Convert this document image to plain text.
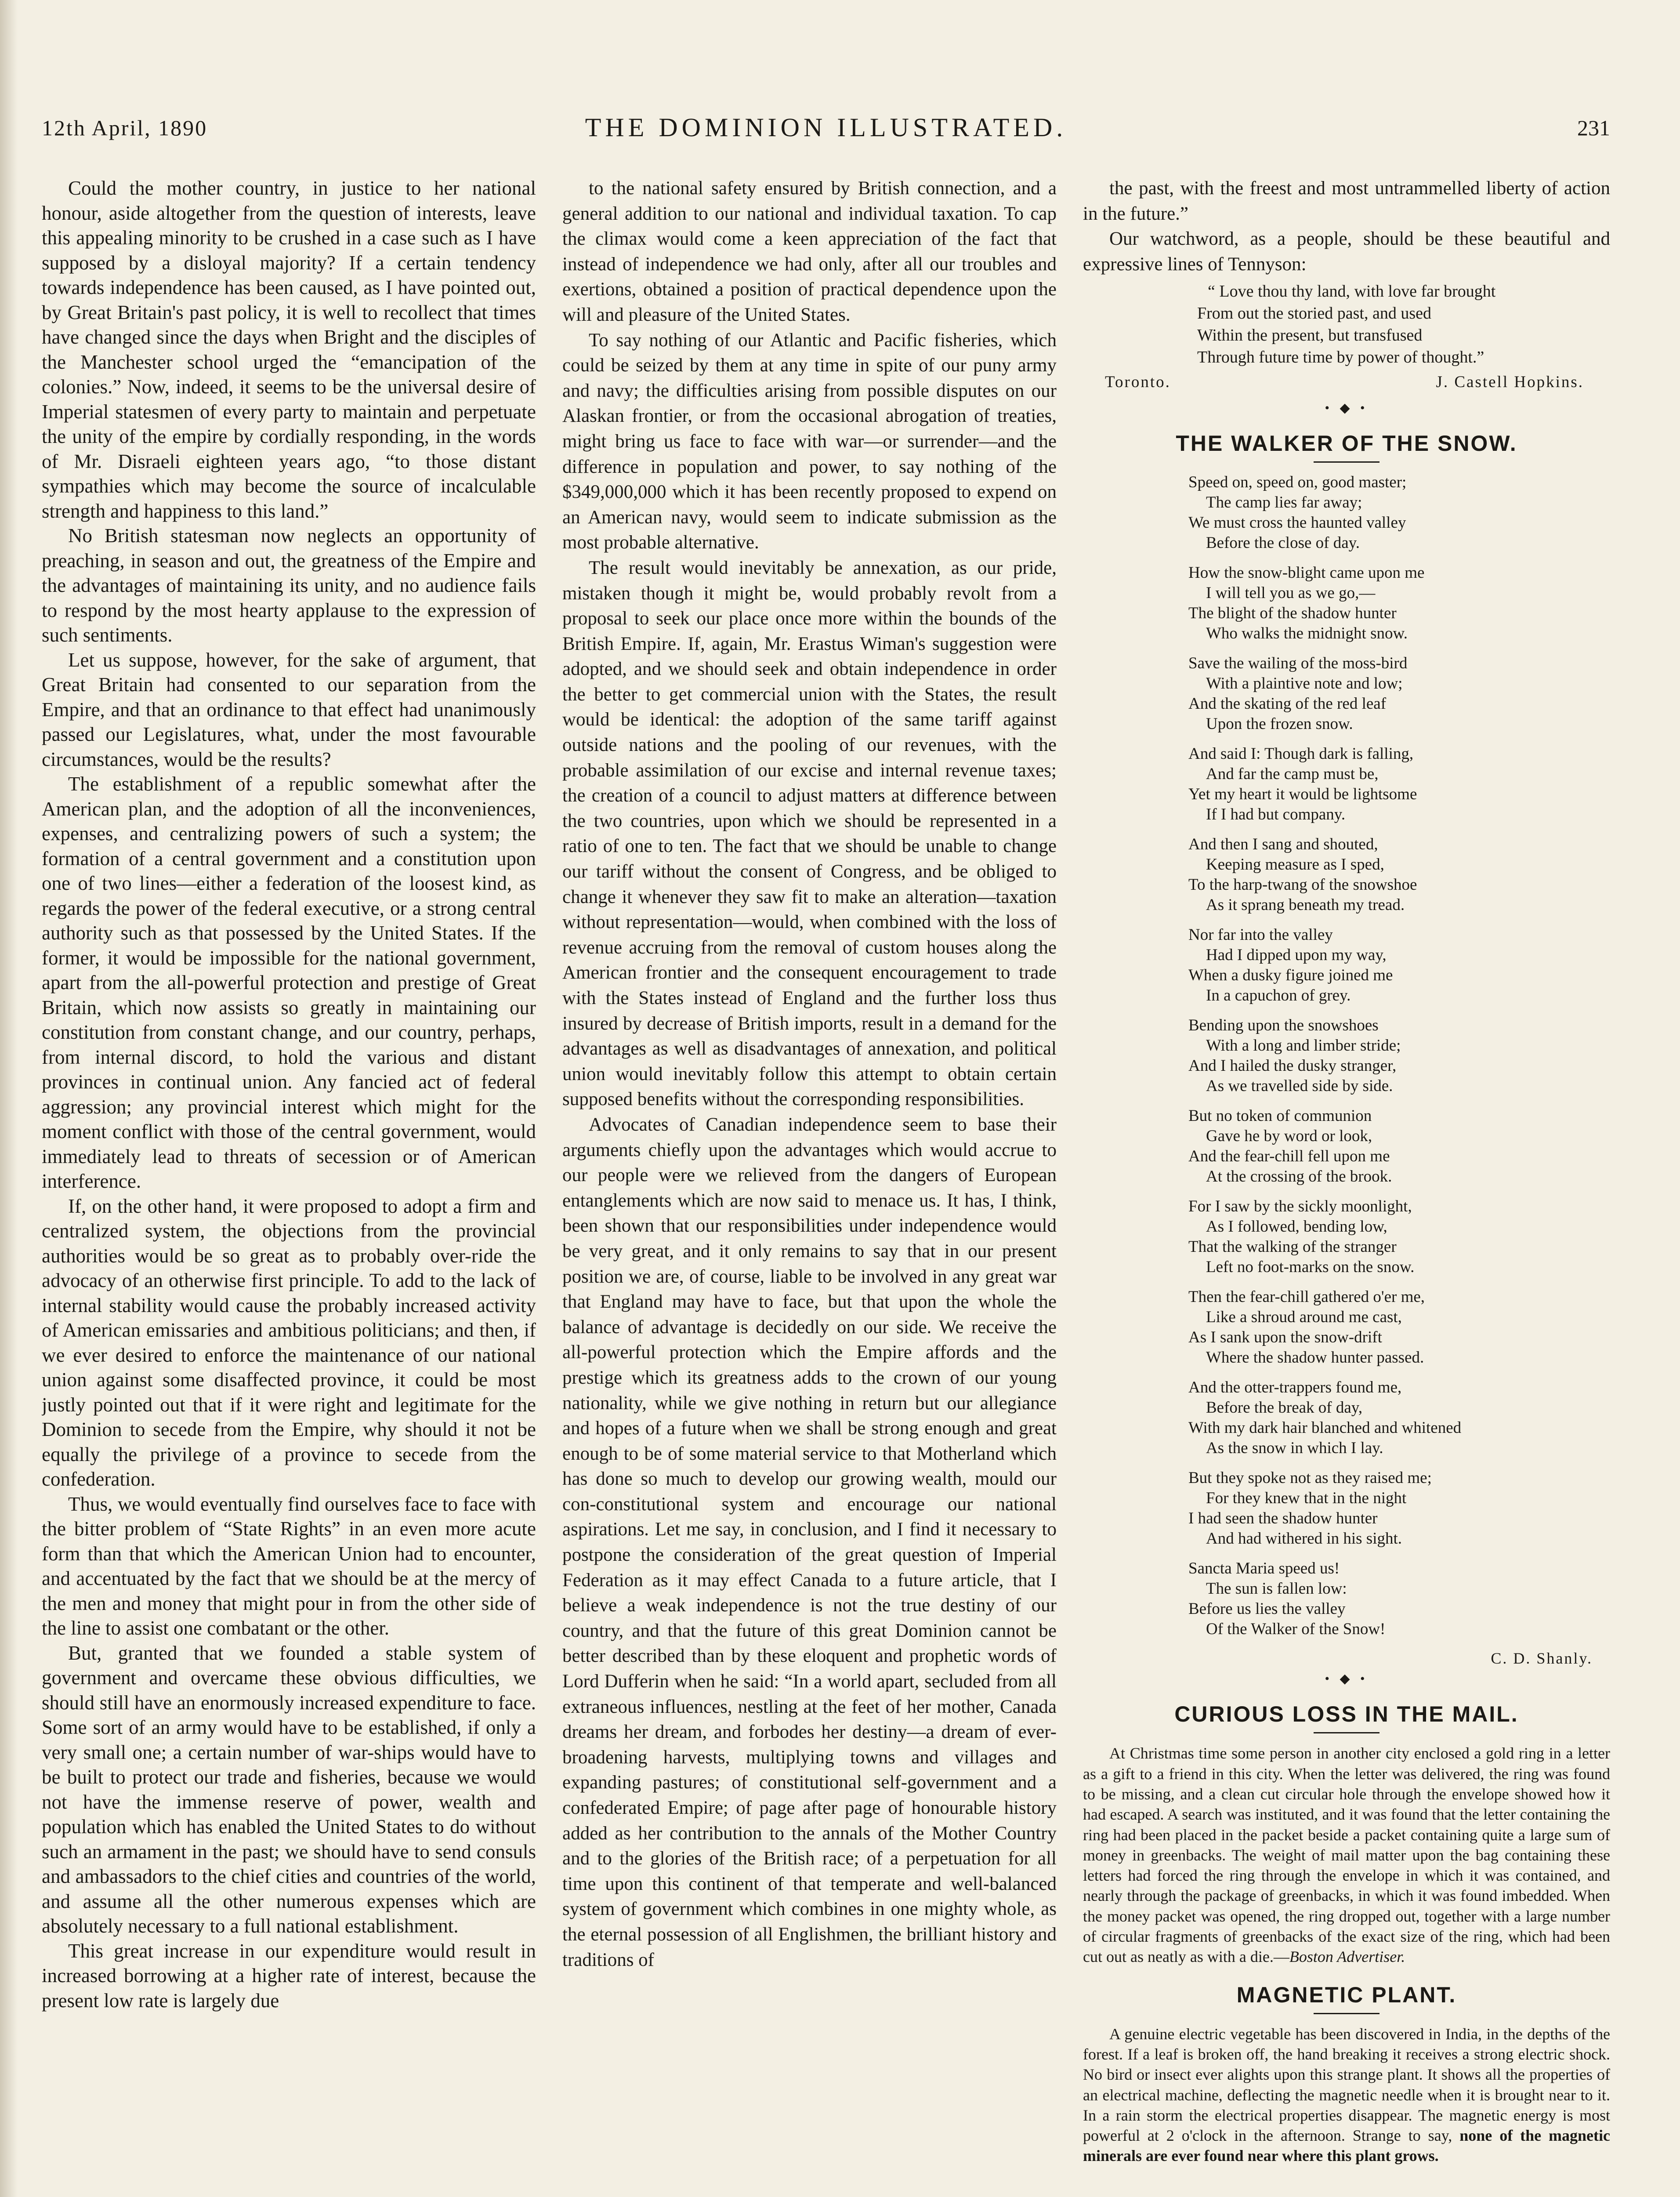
12th April, 1890	THE DOMINION ILLUSTRATED.	231

Could the mother country, in justice to her national honour, aside altogether from the question of interests, leave this appealing minority to be crushed in a case such as I have supposed by a disloyal majority? If a certain tendency towards independence has been caused, as I have pointed out, by Great Britain's past policy, it is well to recollect that times have changed since the days when Bright and the disciples of the Manchester school urged the “emancipation of the colonies.” Now, indeed, it seems to be the universal desire of Imperial statesmen of every party to maintain and perpetuate the unity of the empire by cordially responding, in the words of Mr. Disraeli eighteen years ago, “to those distant sympathies which may become the source of incalculable strength and happiness to this land.”

No British statesman now neglects an opportunity of preaching, in season and out, the greatness of the Empire and the advantages of maintaining its unity, and no audience fails to respond by the most hearty applause to the expression of such sentiments.

Let us suppose, however, for the sake of argument, that Great Britain had consented to our separation from the Empire, and that an ordinance to that effect had unanimously passed our Legislatures, what, under the most favourable circumstances, would be the results?

The establishment of a republic somewhat after the American plan, and the adoption of all the inconveniences, expenses, and centralizing powers of such a system; the formation of a central government and a constitution upon one of two lines—either a federation of the loosest kind, as regards the power of the federal executive, or a strong central authority such as that possessed by the United States. If the former, it would be impossible for the national government, apart from the all-powerful protection and prestige of Great Britain, which now assists so greatly in maintaining our constitution from constant change, and our country, perhaps, from internal discord, to hold the various and distant provinces in continual union. Any fancied act of federal aggression; any provincial interest which might for the moment conflict with those of the central government, would immediately lead to threats of secession or of American interference.

If, on the other hand, it were proposed to adopt a firm and centralized system, the objections from the provincial authorities would be so great as to probably over-ride the advocacy of an otherwise first principle. To add to the lack of internal stability would cause the probably increased activity of American emissaries and ambitious politicians; and then, if we ever desired to enforce the maintenance of our national union against some disaffected province, it could be most justly pointed out that if it were right and legitimate for the Dominion to secede from the Empire, why should it not be equally the privilege of a province to secede from the confederation.

Thus, we would eventually find ourselves face to face with the bitter problem of “State Rights” in an even more acute form than that which the American Union had to encounter, and accentuated by the fact that we should be at the mercy of the men and money that might pour in from the other side of the line to assist one combatant or the other.

But, granted that we founded a stable system of government and overcame these obvious difficulties, we should still have an enormously increased expenditure to face. Some sort of an army would have to be established, if only a very small one; a certain number of war-ships would have to be built to protect our trade and fisheries, because we would not have the immense reserve of power, wealth and population which has enabled the United States to do without such an armament in the past; we should have to send consuls and ambassadors to the chief cities and countries of the world, and assume all the other numerous expenses which are absolutely necessary to a full national establishment.

This great increase in our expenditure would result in increased borrowing at a higher rate of interest, because the present low rate is largely due

to the national safety ensured by British connection, and a general addition to our national and individual taxation. To cap the climax would come a keen appreciation of the fact that instead of independence we had only, after all our troubles and exertions, obtained a position of practical dependence upon the will and pleasure of the United States.

To say nothing of our Atlantic and Pacific fisheries, which could be seized by them at any time in spite of our puny army and navy; the difficulties arising from possible disputes on our Alaskan frontier, or from the occasional abrogation of treaties, might bring us face to face with war—or surrender—and the difference in population and power, to say nothing of the $349,000,000 which it has been recently proposed to expend on an American navy, would seem to indicate submission as the most probable alternative.

The result would inevitably be annexation, as our pride, mistaken though it might be, would probably revolt from a proposal to seek our place once more within the bounds of the British Empire. If, again, Mr. Erastus Wiman's suggestion were adopted, and we should seek and obtain independence in order the better to get commercial union with the States, the result would be identical: the adoption of the same tariff against outside nations and the pooling of our revenues, with the probable assimilation of our excise and internal revenue taxes; the creation of a council to adjust matters at difference between the two countries, upon which we should be represented in a ratio of one to ten. The fact that we should be unable to change our tariff without the consent of Congress, and be obliged to change it whenever they saw fit to make an alteration—taxation without representation—would, when combined with the loss of revenue accruing from the removal of custom houses along the American frontier and the consequent encouragement to trade with the States instead of England and the further loss thus insured by decrease of British imports, result in a demand for the advantages as well as disadvantages of annexation, and political union would inevitably follow this attempt to obtain certain supposed benefits without the corresponding responsibilities.

Advocates of Canadian independence seem to base their arguments chiefly upon the advantages which would accrue to our people were we relieved from the dangers of European entanglements which are now said to menace us. It has, I think, been shown that our responsibilities under independence would be very great, and it only remains to say that in our present position we are, of course, liable to be involved in any great war that England may have to face, but that upon the whole the balance of advantage is decidedly on our side. We receive the all-powerful protection which the Empire affords and the prestige which its greatness adds to the crown of our young nationality, while we give nothing in return but our allegiance and hopes of a future when we shall be strong enough and great enough to be of some material service to that Motherland which has done so much to develop our growing wealth, mould our con-constitutional system and encourage our national aspirations. Let me say, in conclusion, and I find it necessary to postpone the consideration of the great question of Imperial Federation as it may effect Canada to a future article, that I believe a weak independence is not the true destiny of our country, and that the future of this great Dominion cannot be better described than by these eloquent and prophetic words of Lord Dufferin when he said: “In a world apart, secluded from all extraneous influences, nestling at the feet of her mother, Canada dreams her dream, and forbodes her destiny—a dream of ever-broadening harvests, multiplying towns and villages and expanding pastures; of constitutional self-government and a confederated Empire; of page after page of honourable history added as her contribution to the annals of the Mother Country and to the glories of the British race; of a perpetuation for all time upon this continent of that temperate and well-balanced system of government which combines in one mighty whole, as the eternal possession of all Englishmen, the brilliant history and traditions of

the past, with the freest and most untrammelled liberty of action in the future.”

Our watchword, as a people, should be these beautiful and expressive lines of Tennyson:

“ Love thou thy land, with love far brought
From out the storied past, and used
Within the present, but transfused
Through future time by power of thought.”
Toronto.	J. Castell Hopkins.
• ◆ •
THE WALKER OF THE SNOW.
Speed on, speed on, good master;
The camp lies far away;
We must cross the haunted valley
Before the close of day.
How the snow-blight came upon me
I will tell you as we go,—
The blight of the shadow hunter
Who walks the midnight snow.
Save the wailing of the moss-bird
With a plaintive note and low;
And the skating of the red leaf
Upon the frozen snow.
And said I: Though dark is falling,
And far the camp must be,
Yet my heart it would be lightsome
If I had but company.
And then I sang and shouted,
Keeping measure as I sped,
To the harp-twang of the snowshoe
As it sprang beneath my tread.
Nor far into the valley
Had I dipped upon my way,
When a dusky figure joined me
In a capuchon of grey.
Bending upon the snowshoes
With a long and limber stride;
And I hailed the dusky stranger,
As we travelled side by side.
But no token of communion
Gave he by word or look,
And the fear-chill fell upon me
At the crossing of the brook.
For I saw by the sickly moonlight,
As I followed, bending low,
That the walking of the stranger
Left no foot-marks on the snow.
Then the fear-chill gathered o'er me,
Like a shroud around me cast,
As I sank upon the snow-drift
Where the shadow hunter passed.
And the otter-trappers found me,
Before the break of day,
With my dark hair blanched and whitened
As the snow in which I lay.
But they spoke not as they raised me;
For they knew that in the night
I had seen the shadow hunter
And had withered in his sight.
Sancta Maria speed us!
The sun is fallen low:
Before us lies the valley
Of the Walker of the Snow!
C. D. Shanly.
• ◆ •
CURIOUS LOSS IN THE MAIL.

At Christmas time some person in another city enclosed a gold ring in a letter as a gift to a friend in this city. When the letter was delivered, the ring was found to be missing, and a clean cut circular hole through the envelope showed how it had escaped. A search was instituted, and it was found that the letter containing the ring had been placed in the packet beside a packet containing quite a large sum of money in greenbacks. The weight of mail matter upon the bag containing these letters had forced the ring through the envelope in which it was contained, and nearly through the package of greenbacks, in which it was found imbedded. When the money packet was opened, the ring dropped out, together with a large number of circular fragments of greenbacks of the exact size of the ring, which had been cut out as neatly as with a die.—Boston Advertiser.

MAGNETIC PLANT.

A genuine electric vegetable has been discovered in India, in the depths of the forest. If a leaf is broken off, the hand breaking it receives a strong electric shock. No bird or insect ever alights upon this strange plant. It shows all the properties of an electrical machine, deflecting the magnetic needle when it is brought near to it. In a rain storm the electrical properties disappear. The magnetic energy is most powerful at 2 o'clock in the afternoon. Strange to say, none of the magnetic minerals are ever found near where this plant grows.
